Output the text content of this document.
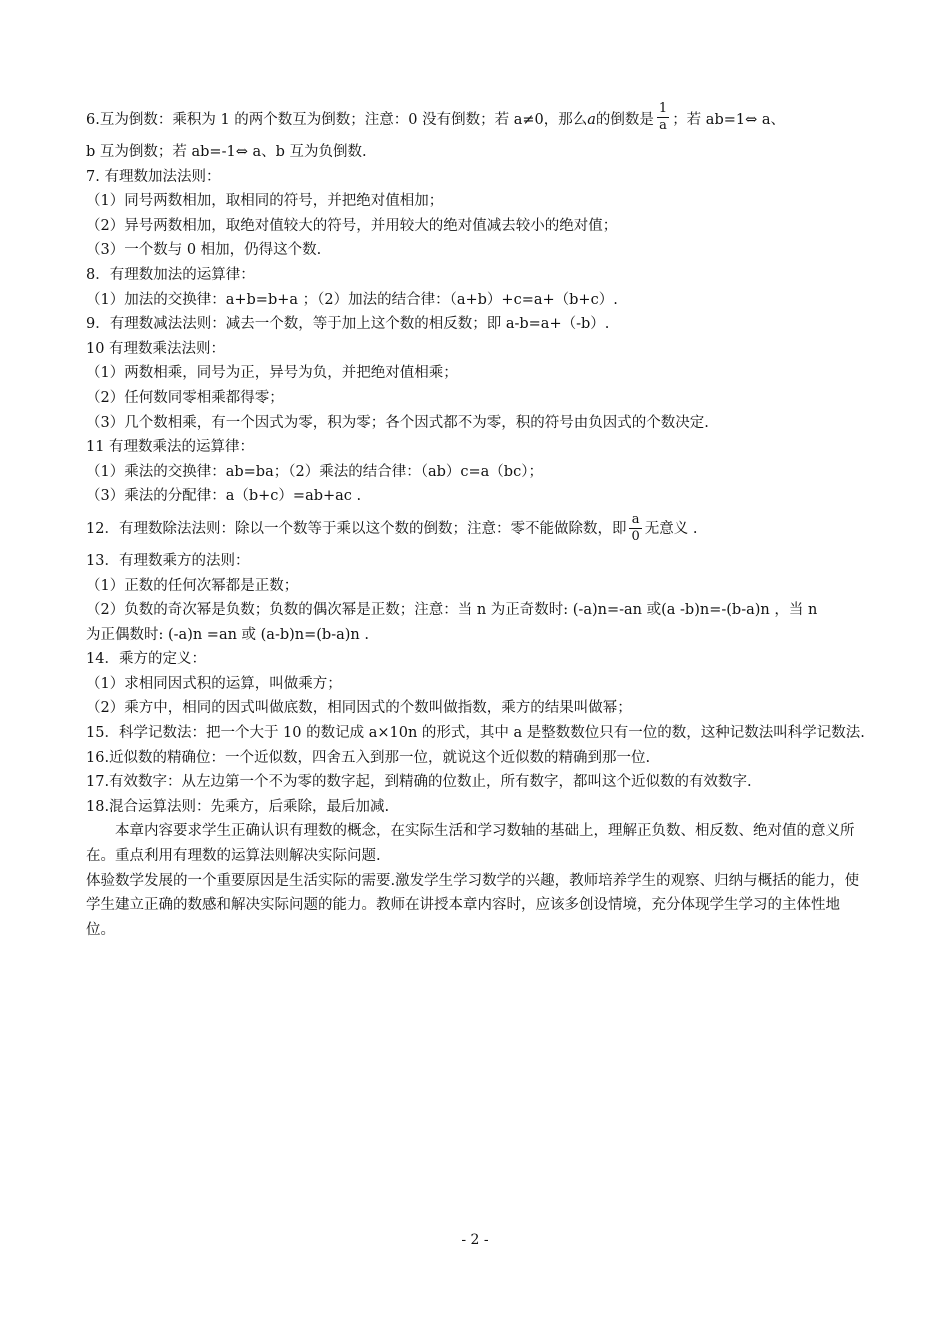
6.互为倒数：乘积为 1 的两个数互为倒数；注意：0 没有倒数；若 a≠0，那么a的倒数是 $\frac{1}{a}$ ；若 ab=1⇔ a、
b 互为倒数；若 ab=-1⇔ a、b 互为负倒数.
7. 有理数加法法则：
（1）同号两数相加，取相同的符号，并把绝对值相加；
（2）异号两数相加，取绝对值较大的符号，并用较大的绝对值减去较小的绝对值；
（3）一个数与 0 相加，仍得这个数.
8．有理数加法的运算律：
（1）加法的交换律：a+b=b+a ；（2）加法的结合律：（a+b）+c=a+（b+c）.
9．有理数减法法则：减去一个数，等于加上这个数的相反数；即 a-b=a+（-b）.
10 有理数乘法法则：
（1）两数相乘，同号为正，异号为负，并把绝对值相乘；
（2）任何数同零相乘都得零；
（3）几个数相乘，有一个因式为零，积为零；各个因式都不为零，积的符号由负因式的个数决定.
11 有理数乘法的运算律：
（1）乘法的交换律：ab=ba；（2）乘法的结合律：（ab）c=a（bc）；
（3）乘法的分配律：a（b+c）=ab+ac .
12．有理数除法法则：除以一个数等于乘以这个数的倒数；注意：零不能做除数，即 $\frac{a}{0}$ 无意义 .
13．有理数乘方的法则：
（1）正数的任何次幂都是正数；
（2）负数的奇次幂是负数；负数的偶次幂是正数；注意：当 n 为正奇数时: (-a)n=-an 或(a -b)n=-(b-a)n ，当 n
为正偶数时: (-a)n =an 或 (a-b)n=(b-a)n .
14．乘方的定义：
（1）求相同因式积的运算，叫做乘方；
（2）乘方中，相同的因式叫做底数，相同因式的个数叫做指数，乘方的结果叫做幂；
15．科学记数法：把一个大于 10 的数记成 a×10n 的形式，其中 a 是整数数位只有一位的数，这种记数法叫科学记数法.
16.近似数的精确位：一个近似数，四舍五入到那一位，就说这个近似数的精确到那一位.
17.有效数字：从左边第一个不为零的数字起，到精确的位数止，所有数字，都叫这个近似数的有效数字.
18.混合运算法则：先乘方，后乘除，最后加减.
本章内容要求学生正确认识有理数的概念，在实际生活和学习数轴的基础上，理解正负数、相反数、绝对值的意义所在。重点利用有理数的运算法则解决实际问题.
体验数学发展的一个重要原因是生活实际的需要.激发学生学习数学的兴趣，教师培养学生的观察、归纳与概括的能力，使学生建立正确的数感和解决实际问题的能力。教师在讲授本章内容时，应该多创设情境，充分体现学生学习的主体性地位。
- 2 -
